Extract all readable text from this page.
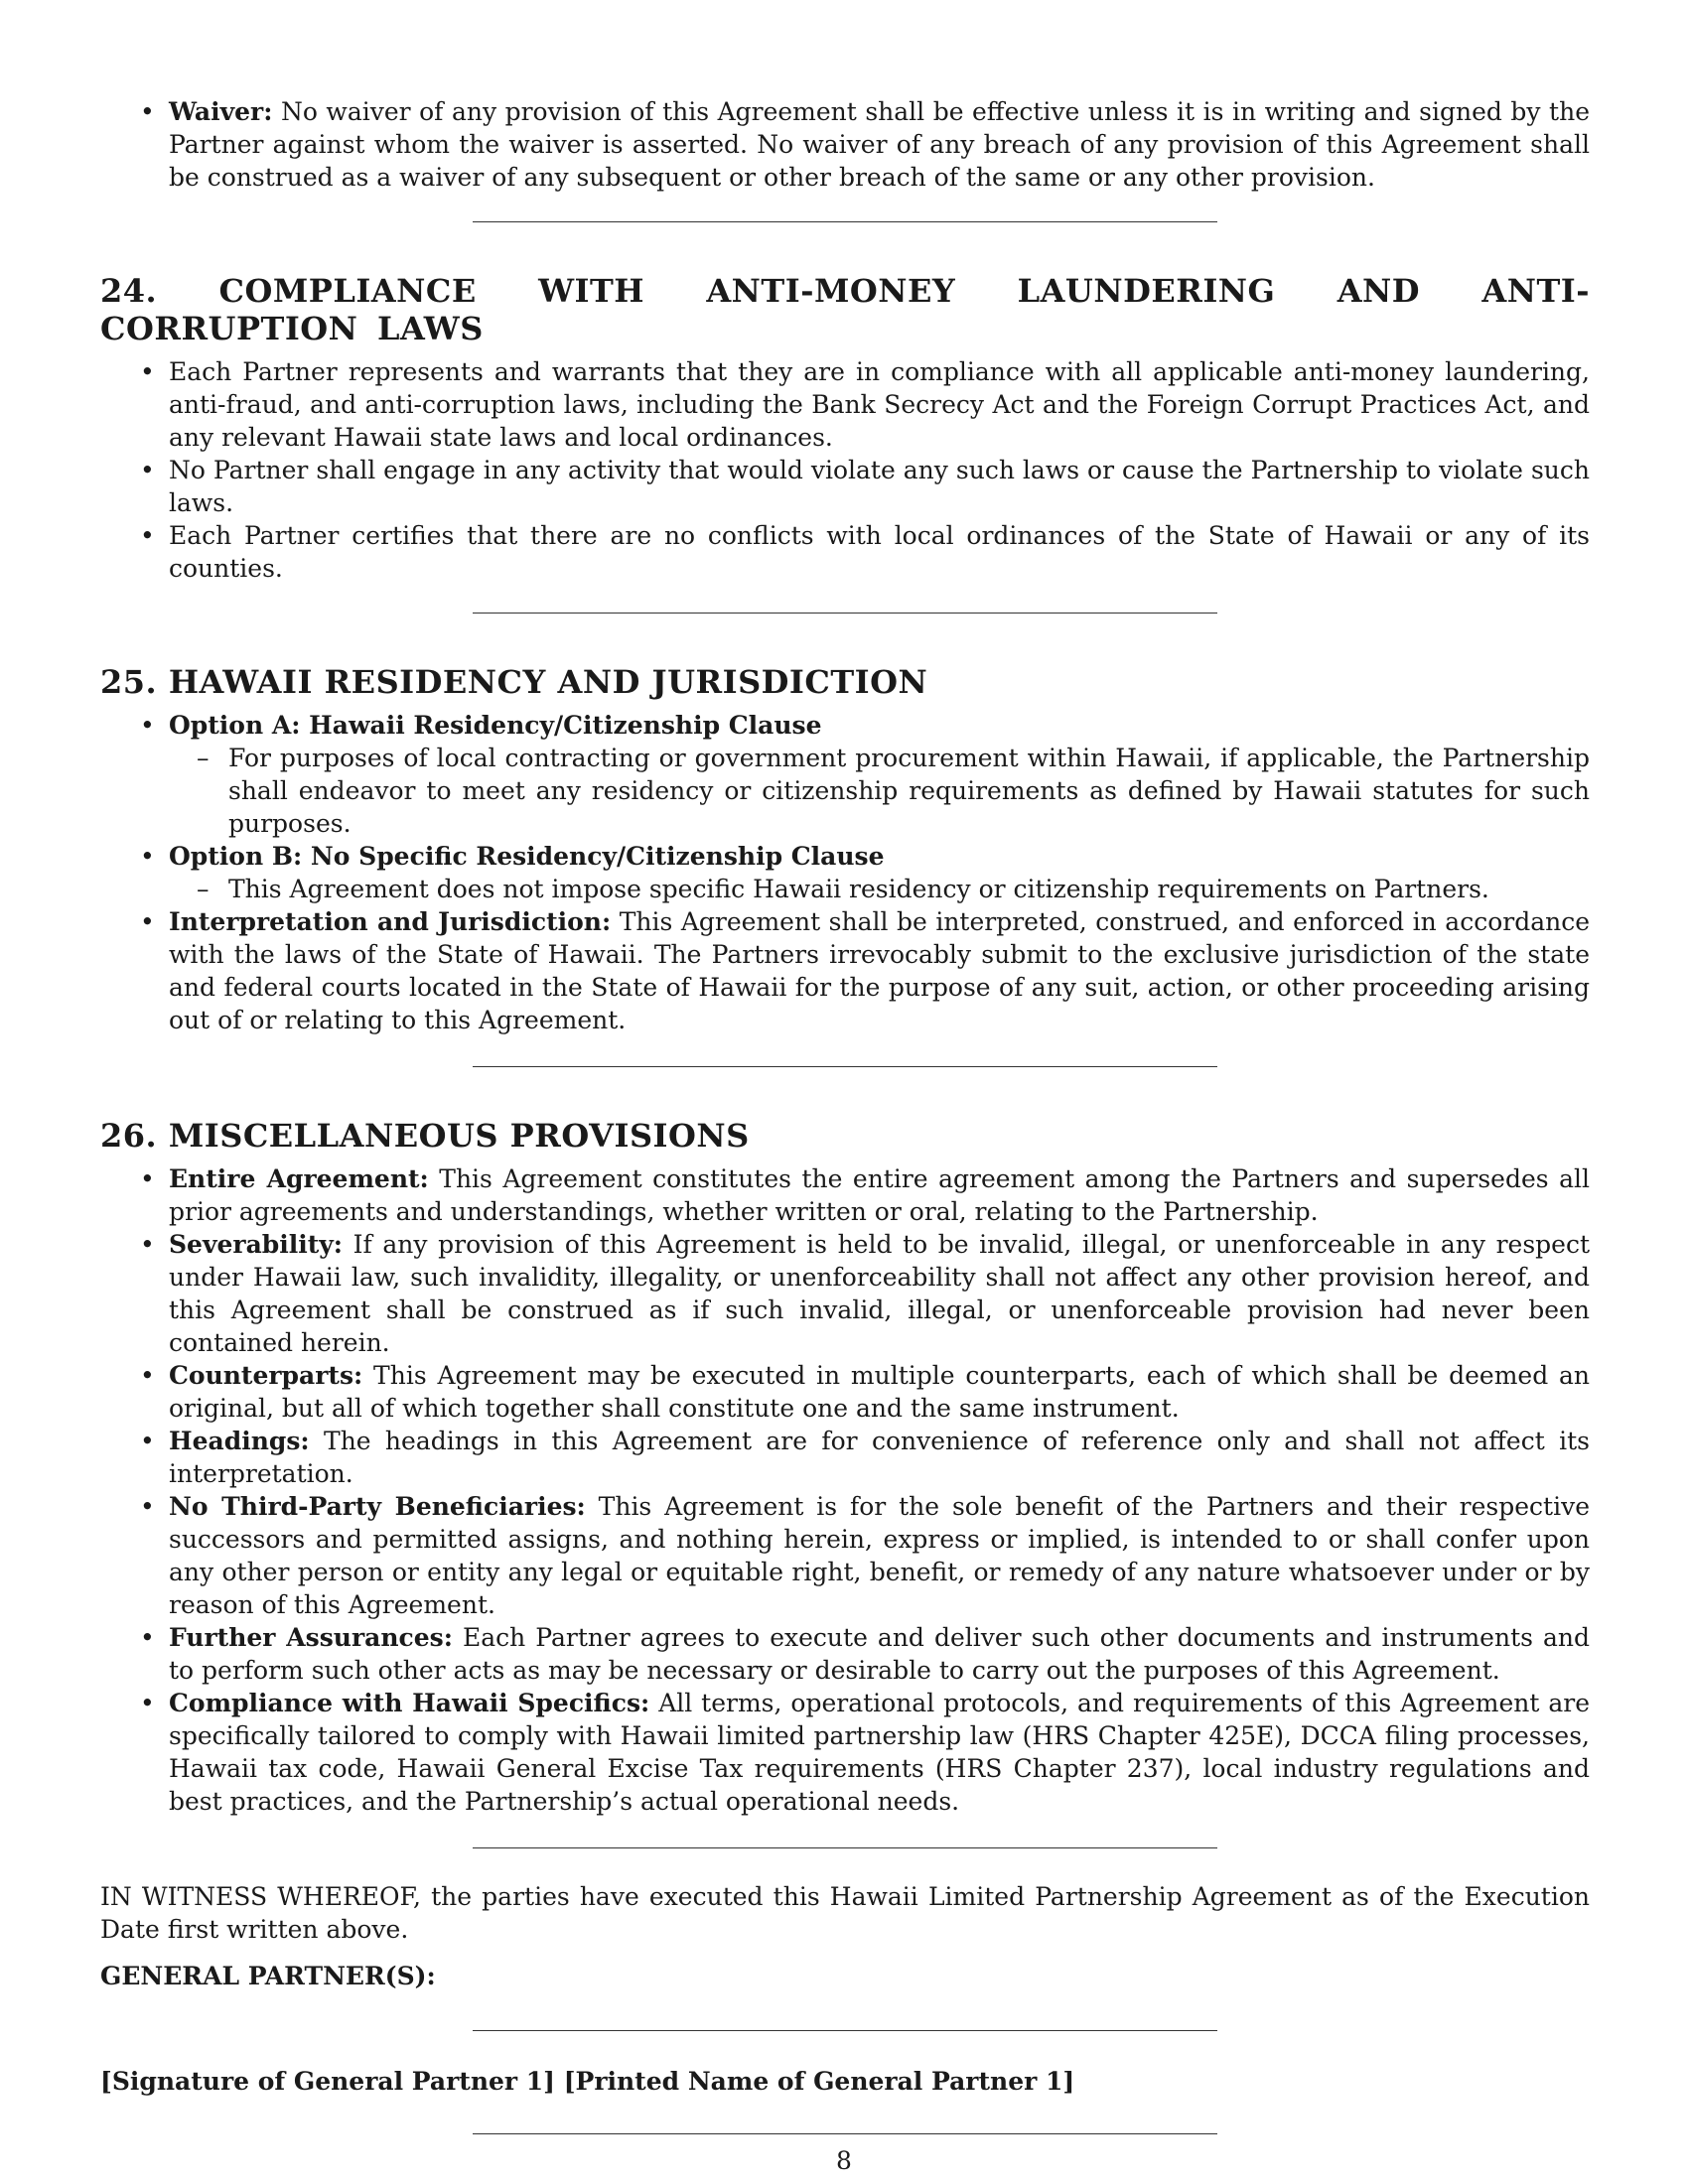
• Waiver: No waiver of any provision of this Agreement shall be effective unless it is in writing and signed by the Partner against whom the waiver is asserted. No waiver of any breach of any provision of this Agreement shall be construed as a waiver of any subsequent or other breach of the same or any other provision.
24. COMPLIANCE WITH ANTI-MONEY LAUNDERING AND ANTI-CORRUPTION LAWS
• Each Partner represents and warrants that they are in compliance with all applicable anti-money laundering, anti-fraud, and anti-corruption laws, including the Bank Secrecy Act and the Foreign Corrupt Practices Act, and any relevant Hawaii state laws and local ordinances.
• No Partner shall engage in any activity that would violate any such laws or cause the Partnership to violate such laws.
• Each Partner certifies that there are no conflicts with local ordinances of the State of Hawaii or any of its counties.
25. HAWAII RESIDENCY AND JURISDICTION
• Option A: Hawaii Residency/Citizenship Clause
– For purposes of local contracting or government procurement within Hawaii, if applicable, the Partnership shall endeavor to meet any residency or citizenship requirements as defined by Hawaii statutes for such purposes.
• Option B: No Specific Residency/Citizenship Clause
– This Agreement does not impose specific Hawaii residency or citizenship requirements on Partners.
• Interpretation and Jurisdiction: This Agreement shall be interpreted, construed, and enforced in accordance with the laws of the State of Hawaii. The Partners irrevocably submit to the exclusive jurisdiction of the state and federal courts located in the State of Hawaii for the purpose of any suit, action, or other proceeding arising out of or relating to this Agreement.
26. MISCELLANEOUS PROVISIONS
• Entire Agreement: This Agreement constitutes the entire agreement among the Partners and supersedes all prior agreements and understandings, whether written or oral, relating to the Partnership.
• Severability: If any provision of this Agreement is held to be invalid, illegal, or unenforceable in any respect under Hawaii law, such invalidity, illegality, or unenforceability shall not affect any other provision hereof, and this Agreement shall be construed as if such invalid, illegal, or unenforceable provision had never been contained herein.
• Counterparts: This Agreement may be executed in multiple counterparts, each of which shall be deemed an original, but all of which together shall constitute one and the same instrument.
• Headings: The headings in this Agreement are for convenience of reference only and shall not affect its interpretation.
• No Third-Party Beneficiaries: This Agreement is for the sole benefit of the Partners and their respective successors and permitted assigns, and nothing herein, express or implied, is intended to or shall confer upon any other person or entity any legal or equitable right, benefit, or remedy of any nature whatsoever under or by reason of this Agreement.
• Further Assurances: Each Partner agrees to execute and deliver such other documents and instruments and to perform such other acts as may be necessary or desirable to carry out the purposes of this Agreement.
• Compliance with Hawaii Specifics: All terms, operational protocols, and requirements of this Agreement are specifically tailored to comply with Hawaii limited partnership law (HRS Chapter 425E), DCCA filing processes, Hawaii tax code, Hawaii General Excise Tax requirements (HRS Chapter 237), local industry regulations and best practices, and the Partnership’s actual operational needs.

IN WITNESS WHEREOF, the parties have executed this Hawaii Limited Partnership Agreement as of the Execution Date first written above.

GENERAL PARTNER(S):
[Signature of General Partner 1] [Printed Name of General Partner 1]
8
